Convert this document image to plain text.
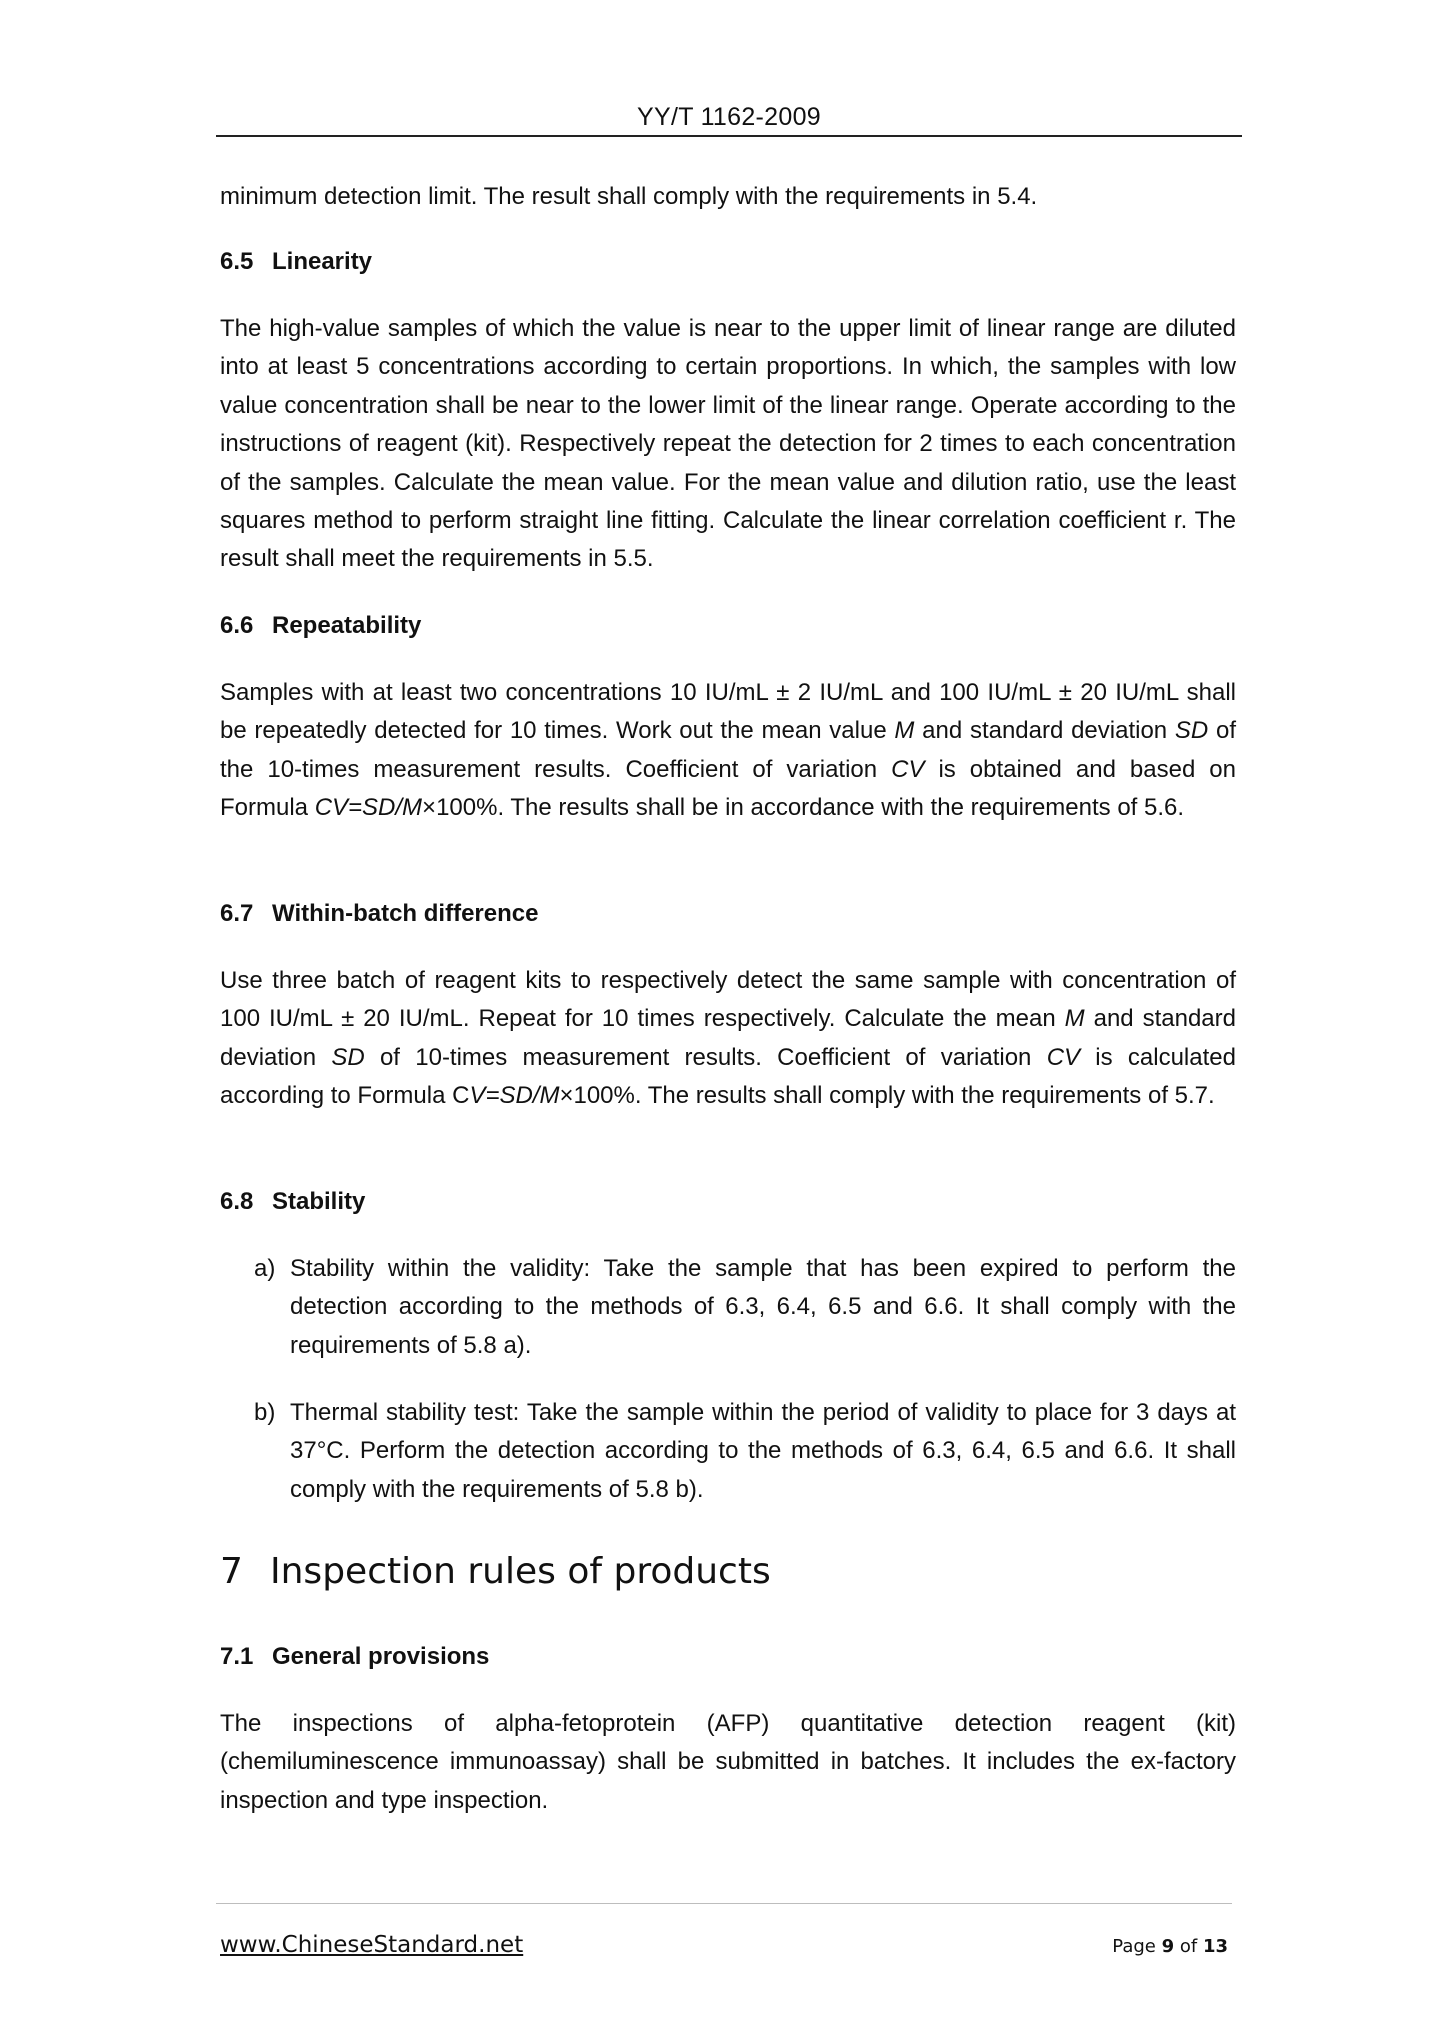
YY/T 1162-2009

minimum detection limit. The result shall comply with the requirements in 5.4.

6.5 Linearity

The high-value samples of which the value is near to the upper limit of linear range are diluted into at least 5 concentrations according to certain proportions. In which, the samples with low value concentration shall be near to the lower limit of the linear range. Operate according to the instructions of reagent (kit). Respectively repeat the detection for 2 times to each concentration of the samples. Calculate the mean value. For the mean value and dilution ratio, use the least squares method to perform straight line fitting. Calculate the linear correlation coefficient r. The result shall meet the requirements in 5.5.

6.6 Repeatability

Samples with at least two concentrations 10 IU/mL ± 2 IU/mL and 100 IU/mL ± 20 IU/mL shall be repeatedly detected for 10 times. Work out the mean value M and standard deviation SD of the 10-times measurement results. Coefficient of variation CV is obtained and based on Formula CV=SD/M×100%. The results shall be in accordance with the requirements of 5.6.

6.7 Within-batch difference

Use three batch of reagent kits to respectively detect the same sample with concentration of 100 IU/mL ± 20 IU/mL. Repeat for 10 times respectively. Calculate the mean M and standard deviation SD of 10-times measurement results. Coefficient of variation CV is calculated according to Formula CV=SD/M×100%. The results shall comply with the requirements of 5.7.

6.8 Stability
a) Stability within the validity: Take the sample that has been expired to perform the detection according to the methods of 6.3, 6.4, 6.5 and 6.6. It shall comply with the requirements of 5.8 a).
b) Thermal stability test: Take the sample within the period of validity to place for 3 days at 37°C. Perform the detection according to the methods of 6.3, 6.4, 6.5 and 6.6. It shall comply with the requirements of 5.8 b).
7 Inspection rules of products
7.1 General provisions

The inspections of alpha-fetoprotein (AFP) quantitative detection reagent (kit) (chemiluminescence immunoassay) shall be submitted in batches. It includes the ex-factory inspection and type inspection.

www.ChineseStandard.net	Page 9 of 13
